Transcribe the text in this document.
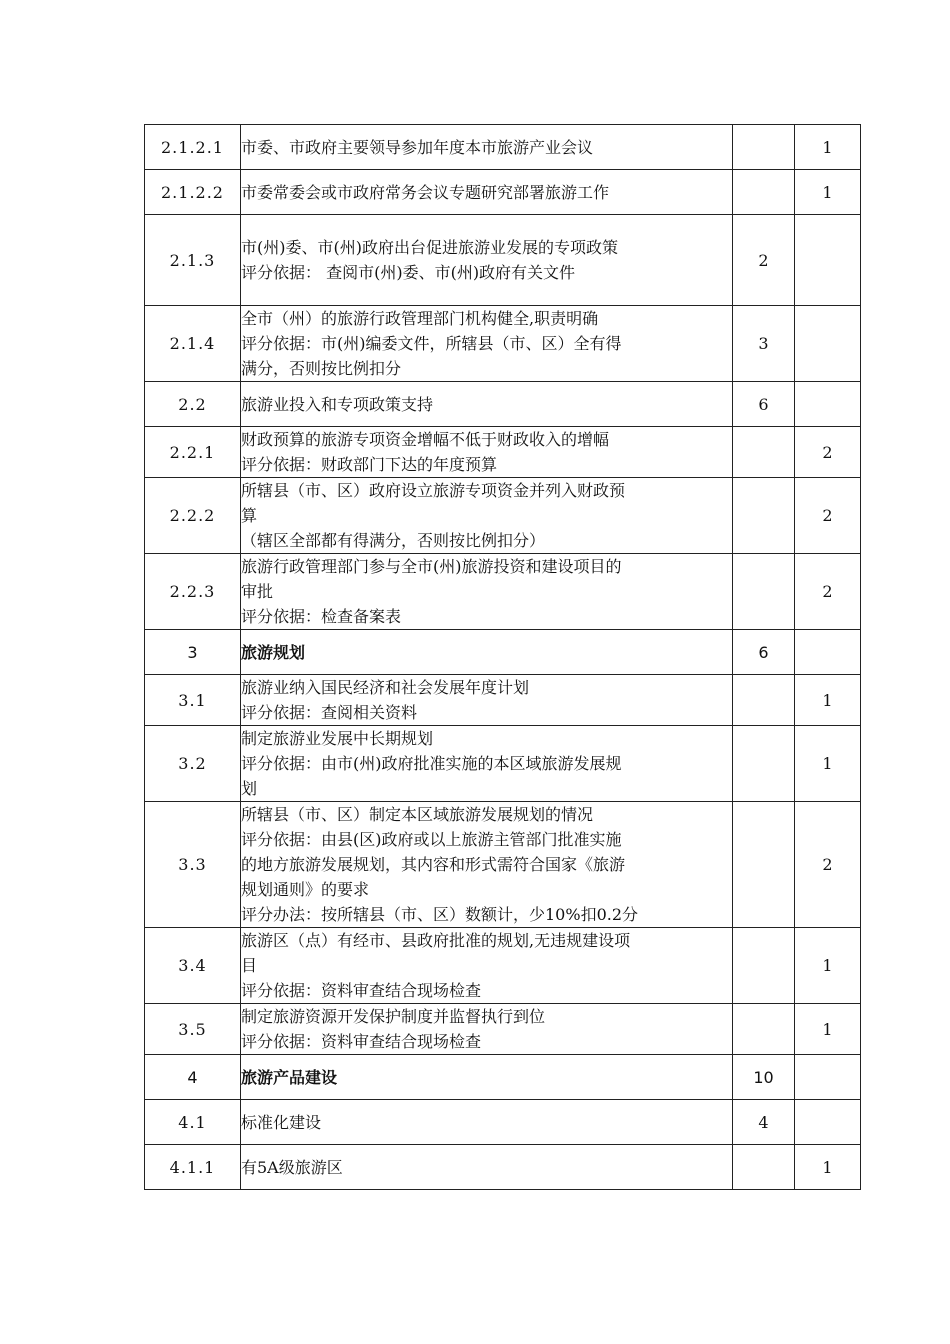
2.1.2.1	市委、市政府主要领导参加年度本市旅游产业会议		1
2.1.2.2	市委常委会或市政府常务会议专题研究部署旅游工作		1
2.1.3	市(州)委、市(州)政府出台促进旅游业发展的专项政策
评分依据： 查阅市(州)委、市(州)政府有关文件	2	
2.1.4	全市（州）的旅游行政管理部门机构健全,职责明确
评分依据：市(州)编委文件，所辖县（市、区）全有得
满分，否则按比例扣分	3	
2.2	旅游业投入和专项政策支持	6	
2.2.1	财政预算的旅游专项资金增幅不低于财政收入的增幅
评分依据：财政部门下达的年度预算		2
2.2.2	所辖县（市、区）政府设立旅游专项资金并列入财政预
算
（辖区全部都有得满分，否则按比例扣分）		2
2.2.3	旅游行政管理部门参与全市(州)旅游投资和建设项目的
审批
评分依据：检查备案表		2
3	旅游规划	6	
3.1	旅游业纳入国民经济和社会发展年度计划
评分依据：查阅相关资料		1
3.2	制定旅游业发展中长期规划
评分依据：由市(州)政府批准实施的本区域旅游发展规
划		1
3.3	所辖县（市、区）制定本区域旅游发展规划的情况
评分依据：由县(区)政府或以上旅游主管部门批准实施
的地方旅游发展规划，其内容和形式需符合国家《旅游
规划通则》的要求
评分办法：按所辖县（市、区）数额计，少10%扣0.2分		2
3.4	旅游区（点）有经市、县政府批准的规划,无违规建设项
目
评分依据：资料审查结合现场检查		1
3.5	制定旅游资源开发保护制度并监督执行到位
评分依据：资料审查结合现场检查		1
4	旅游产品建设	10	
4.1	标准化建设	4	
4.1.1	有5A级旅游区		1
